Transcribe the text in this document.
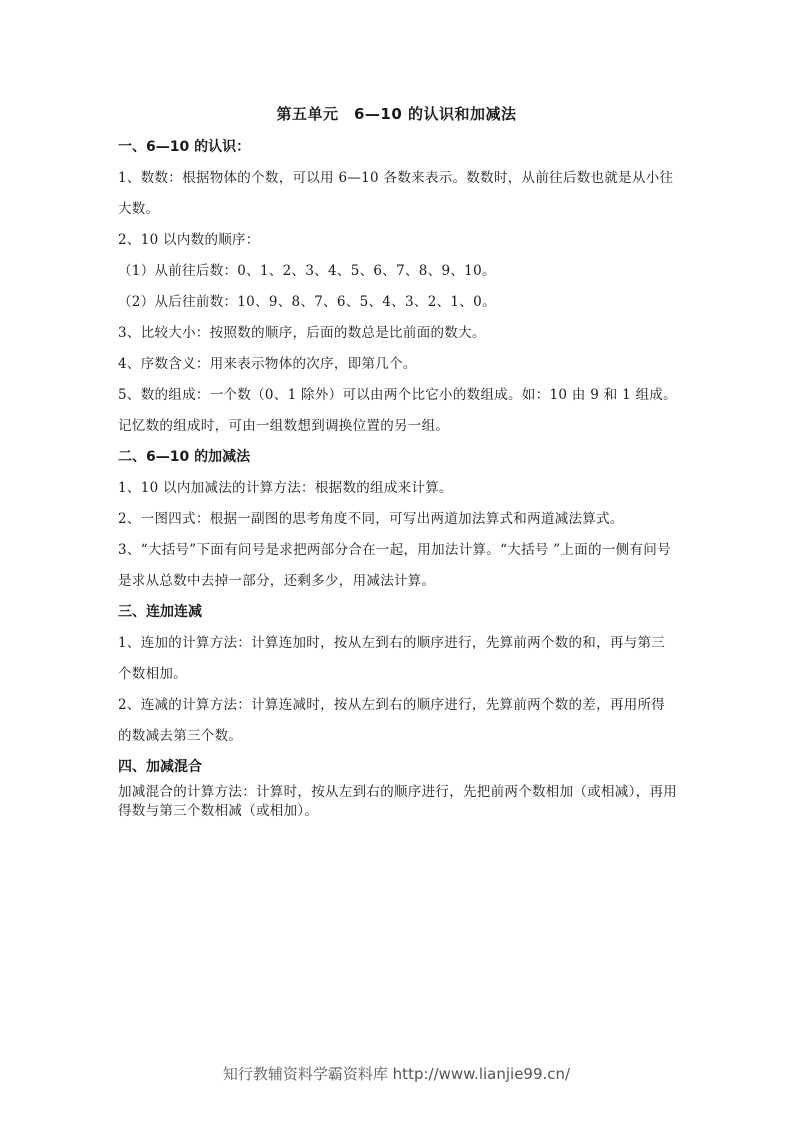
第五单元　6—10 的认识和加减法
一、6—10 的认识：

1、数数：根据物体的个数，可以用 6—10 各数来表示。数数时，从前往后数也就是从小往大数。

2、10 以内数的顺序：

（1）从前往后数：0、1、2、3、4、5、6、7、8、9、10。

（2）从后往前数：10、9、8、7、6、5、4、3、2、1、0。

3、比较大小：按照数的顺序，后面的数总是比前面的数大。

4、序数含义：用来表示物体的次序，即第几个。

5、数的组成：一个数（0、1 除外）可以由两个比它小的数组成。如：10 由 9 和 1 组成。

记忆数的组成时，可由一组数想到调换位置的另一组。

二、6—10 的加减法

1、10 以内加减法的计算方法：根据数的组成来计算。

2、一图四式：根据一副图的思考角度不同，可写出两道加法算式和两道减法算式。

3、“大括号”下面有问号是求把两部分合在一起，用加法计算。“大括号 ”上面的一侧有问号是求从总数中去掉一部分，还剩多少，用减法计算。

三、连加连减

1、连加的计算方法：计算连加时，按从左到右的顺序进行，先算前两个数的和，再与第三个数相加。

2、连减的计算方法：计算连减时，按从左到右的顺序进行，先算前两个数的差，再用所得的数减去第三个数。

四、加减混合

加减混合的计算方法：计算时，按从左到右的顺序进行，先把前两个数相加（或相减），再用得数与第三个数相减（或相加）。

知行教辅资料学霸资料库 http://www.lianjie99.cn/
